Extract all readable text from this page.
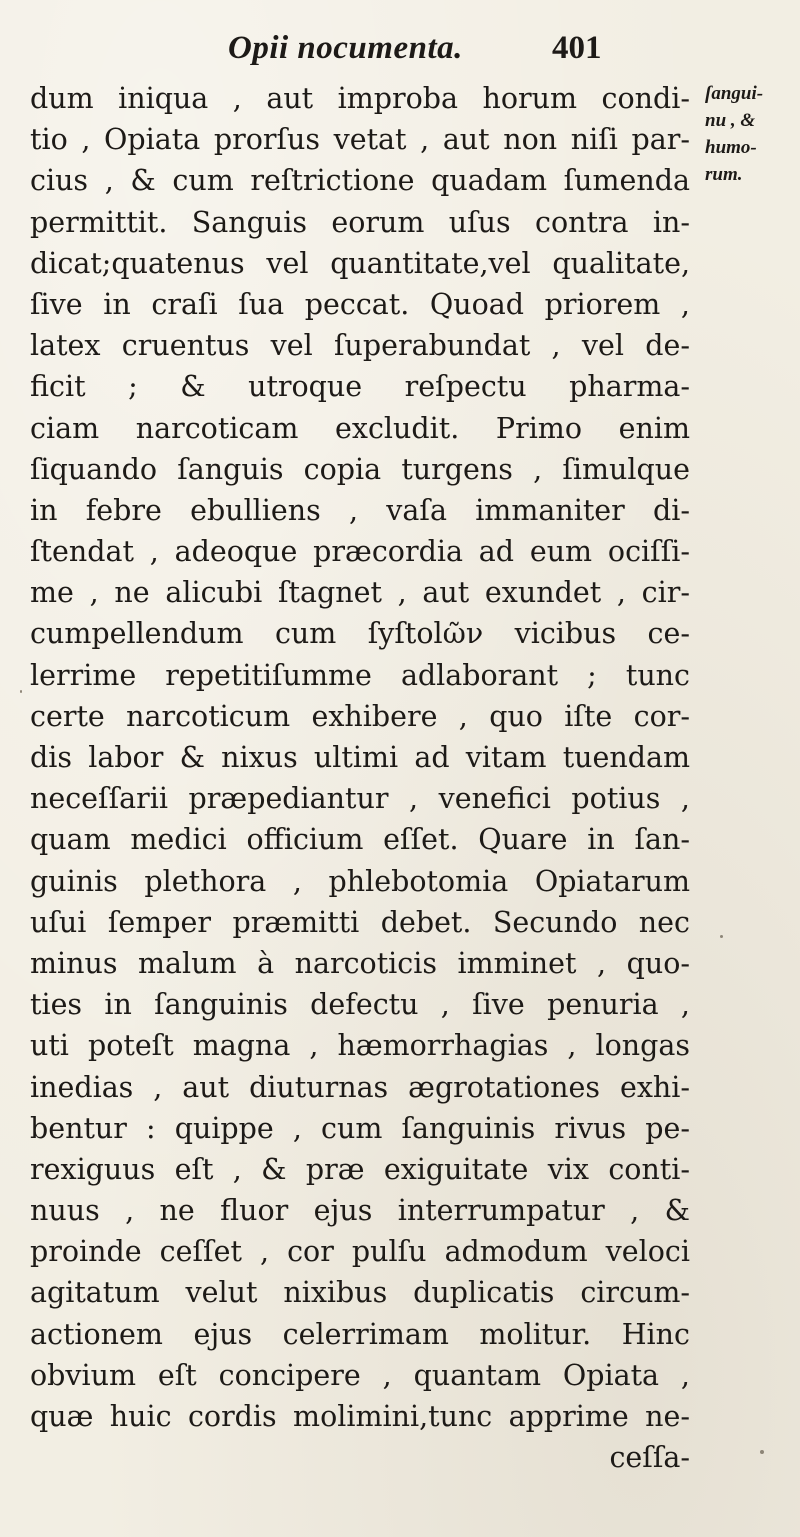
Opii nocumenta.	401
ſangui-
nu , &
humo-
rum.
dum iniqua , aut improba horum condi-
tio , Opiata prorſus vetat , aut non niſi par-
cius , & cum reſtrictione quadam ſumenda
permittit. Sanguis eorum uſus contra in-
dicat;quatenus vel quantitate,vel qualitate,
ſive in craſi ſua peccat. Quoad priorem ,
latex cruentus vel ſuperabundat , vel de-
ficit ; & utroque reſpectu pharma-
ciam narcoticam excludit. Primo enim
ſiquando ſanguis copia turgens , ſimulque
in febre ebulliens , vaſa immaniter di-
ſtendat , adeoque præcordia ad eum ociſſi-
me , ne alicubi ſtagnet , aut exundet , cir-
cumpellendum cum ſyſtolῶν vicibus ce-
lerrime repetitiſumme adlaborant ; tunc
certe narcoticum exhibere , quo iſte cor-
dis labor & nixus ultimi ad vitam tuendam
neceſſarii præpediantur , venefici potius ,
quam medici officium eſſet. Quare in ſan-
guinis plethora , phlebotomia Opiatarum
uſui ſemper præmitti debet. Secundo nec
minus malum à narcoticis imminet , quo-
ties in ſanguinis defectu , ſive penuria ,
uti poteſt magna , hæmorrhagias , longas
inedias , aut diuturnas ægrotationes exhi-
bentur : quippe , cum ſanguinis rivus pe-
rexiguus eſt , & præ exiguitate vix conti-
nuus , ne fluor ejus interrumpatur , &
proinde ceſſet , cor pulſu admodum veloci
agitatum velut nixibus duplicatis circum-
actionem ejus celerrimam molitur. Hinc
obvium eſt concipere , quantam Opiata ,
quæ huic cordis molimini,tunc apprime ne-
ceſſa-
